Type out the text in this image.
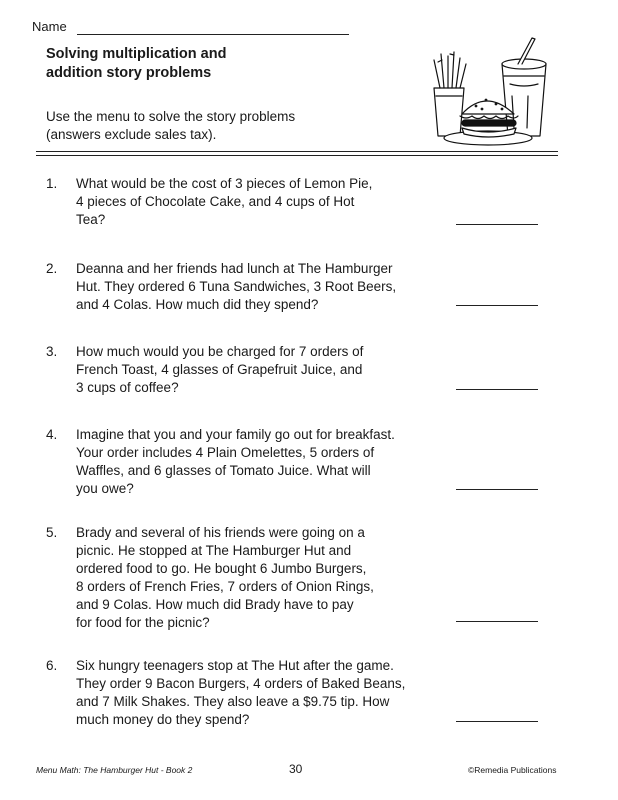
Name
Solving multiplication and
addition story problems
Use the menu to solve the story problems
(answers exclude sales tax).
1. What would be the cost of 3 pieces of Lemon Pie,
4 pieces of Chocolate Cake, and 4 cups of Hot
Tea?
2. Deanna and her friends had lunch at The Hamburger
Hut. They ordered 6 Tuna Sandwiches, 3 Root Beers,
and 4 Colas. How much did they spend?
3. How much would you be charged for 7 orders of
French Toast, 4 glasses of Grapefruit Juice, and
3 cups of coffee?
4. Imagine that you and your family go out for breakfast.
Your order includes 4 Plain Omelettes, 5 orders of
Waffles, and 6 glasses of Tomato Juice. What will
you owe?
5. Brady and several of his friends were going on a
picnic. He stopped at The Hamburger Hut and
ordered food to go. He bought 6 Jumbo Burgers,
8 orders of French Fries, 7 orders of Onion Rings,
and 9 Colas. How much did Brady have to pay
for food for the picnic?
6. Six hungry teenagers stop at The Hut after the game.
They order 9 Bacon Burgers, 4 orders of Baked Beans,
and 7 Milk Shakes. They also leave a $9.75 tip. How
much money do they spend?
Menu Math: The Hamburger Hut - Book 2	30	©Remedia Publications
